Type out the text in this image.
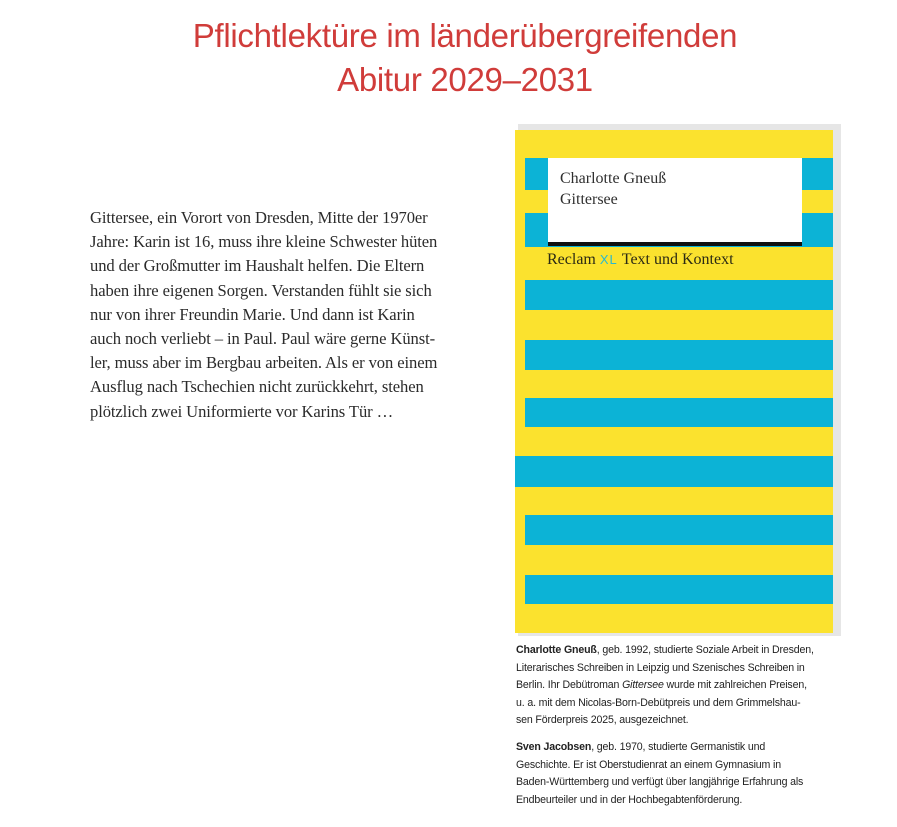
Pflichtlektüre im länderübergreifenden
Abitur 2029–2031
Gittersee, ein Vorort von Dresden, Mitte der 1970er
Jahre: Karin ist 16, muss ihre kleine Schwester hüten
und der Großmutter im Haushalt helfen. Die Eltern
haben ihre eigenen Sorgen. Verstanden fühlt sie sich
nur von ihrer Freundin Marie. Und dann ist Karin
auch noch verliebt – in Paul. Paul wäre gerne Künst-
ler, muss aber im Bergbau arbeiten. Als er von einem
Ausflug nach Tschechien nicht zurückkehrt, stehen
plötzlich zwei Uniformierte vor Karins Tür …
Charlotte Gneuß
Gittersee
Reclam XL Text und Kontext
Charlotte Gneuß, geb. 1992, studierte Soziale Arbeit in Dresden,
Literarisches Schreiben in Leipzig und Szenisches Schreiben in
Berlin. Ihr Debütroman Gittersee wurde mit zahlreichen Preisen,
u. a. mit dem Nicolas-Born-Debütpreis und dem Grimmelshau-
sen Förderpreis 2025, ausgezeichnet.
Sven Jacobsen, geb. 1970, studierte Germanistik und
Geschichte. Er ist Oberstudienrat an einem Gymnasium in
Baden-Württemberg und verfügt über langjährige Erfahrung als
Endbeurteiler und in der Hochbegabtenförderung.
